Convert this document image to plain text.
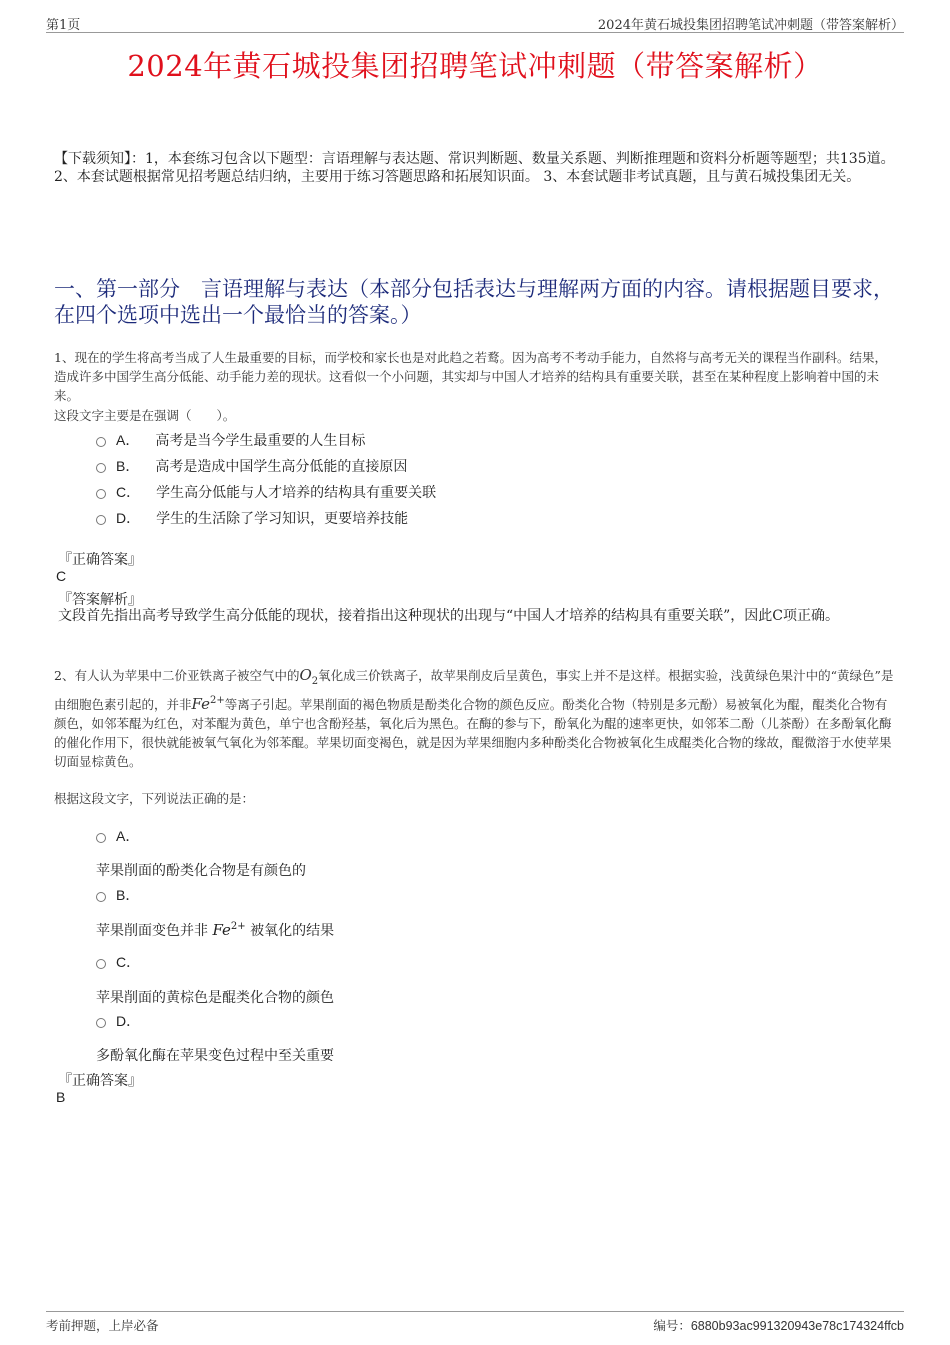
第1页	2024年黄石城投集团招聘笔试冲刺题（带答案解析）
2024年黄石城投集团招聘笔试冲刺题（带答案解析）
【下载须知】：1，本套练习包含以下题型：言语理解与表达题、常识判断题、数量关系题、判断推理题和资料分析题等题型；共135道。 2、本套试题根据常见招考题总结归纳，主要用于练习答题思路和拓展知识面。 3、本套试题非考试真题，且与黄石城投集团无关。
一、第一部分　言语理解与表达（本部分包括表达与理解两方面的内容。请根据题目要求，在四个选项中选出一个最恰当的答案。）
1、现在的学生将高考当成了人生最重要的目标，而学校和家长也是对此趋之若鹜。因为高考不考动手能力，自然将与高考无关的课程当作副科。结果，造成许多中国学生高分低能、动手能力差的现状。这看似一个小问题，其实却与中国人才培养的结构具有重要关联，甚至在某种程度上影响着中国的未来。
这段文字主要是在强调（　　）。
A． 高考是当今学生最重要的人生目标
B． 高考是造成中国学生高分低能的直接原因
C． 学生高分低能与人才培养的结构具有重要关联
D． 学生的生活除了学习知识，更要培养技能
『正确答案』
C
『答案解析』
文段首先指出高考导致学生高分低能的现状，接着指出这种现状的出现与“中国人才培养的结构具有重要关联”，因此C项正确。
2、有人认为苹果中二价亚铁离子被空气中的$O_2$氧化成三价铁离子，故苹果削皮后呈黄色，事实上并不是这样。根据实验，浅黄绿色果汁中的“黄绿色”是由细胞色素引起的，并非$Fe^{2+}$等离子引起。苹果削面的褐色物质是酚类化合物的颜色反应。酚类化合物（特别是多元酚）易被氧化为醌，醌类化合物有颜色，如邻苯醌为红色，对苯醌为黄色，单宁也含酚羟基，氧化后为黑色。在酶的参与下，酚氧化为醌的速率更快，如邻苯二酚（儿茶酚）在多酚氧化酶的催化作用下，很快就能被氧气氧化为邻苯醌。苹果切面变褐色，就是因为苹果细胞内多种酚类化合物被氧化生成醌类化合物的缘故，醌微溶于水使苹果切面显棕黄色。
根据这段文字，下列说法正确的是：
A．
苹果削面的酚类化合物是有颜色的
B．
苹果削面变色并非 $Fe^{2+}$ 被氧化的结果
C．
苹果削面的黄棕色是醌类化合物的颜色
D．
多酚氧化酶在苹果变色过程中至关重要
『正确答案』
B
考前押题，上岸必备	编号：6880b93ac991320943e78c174324ffcb
